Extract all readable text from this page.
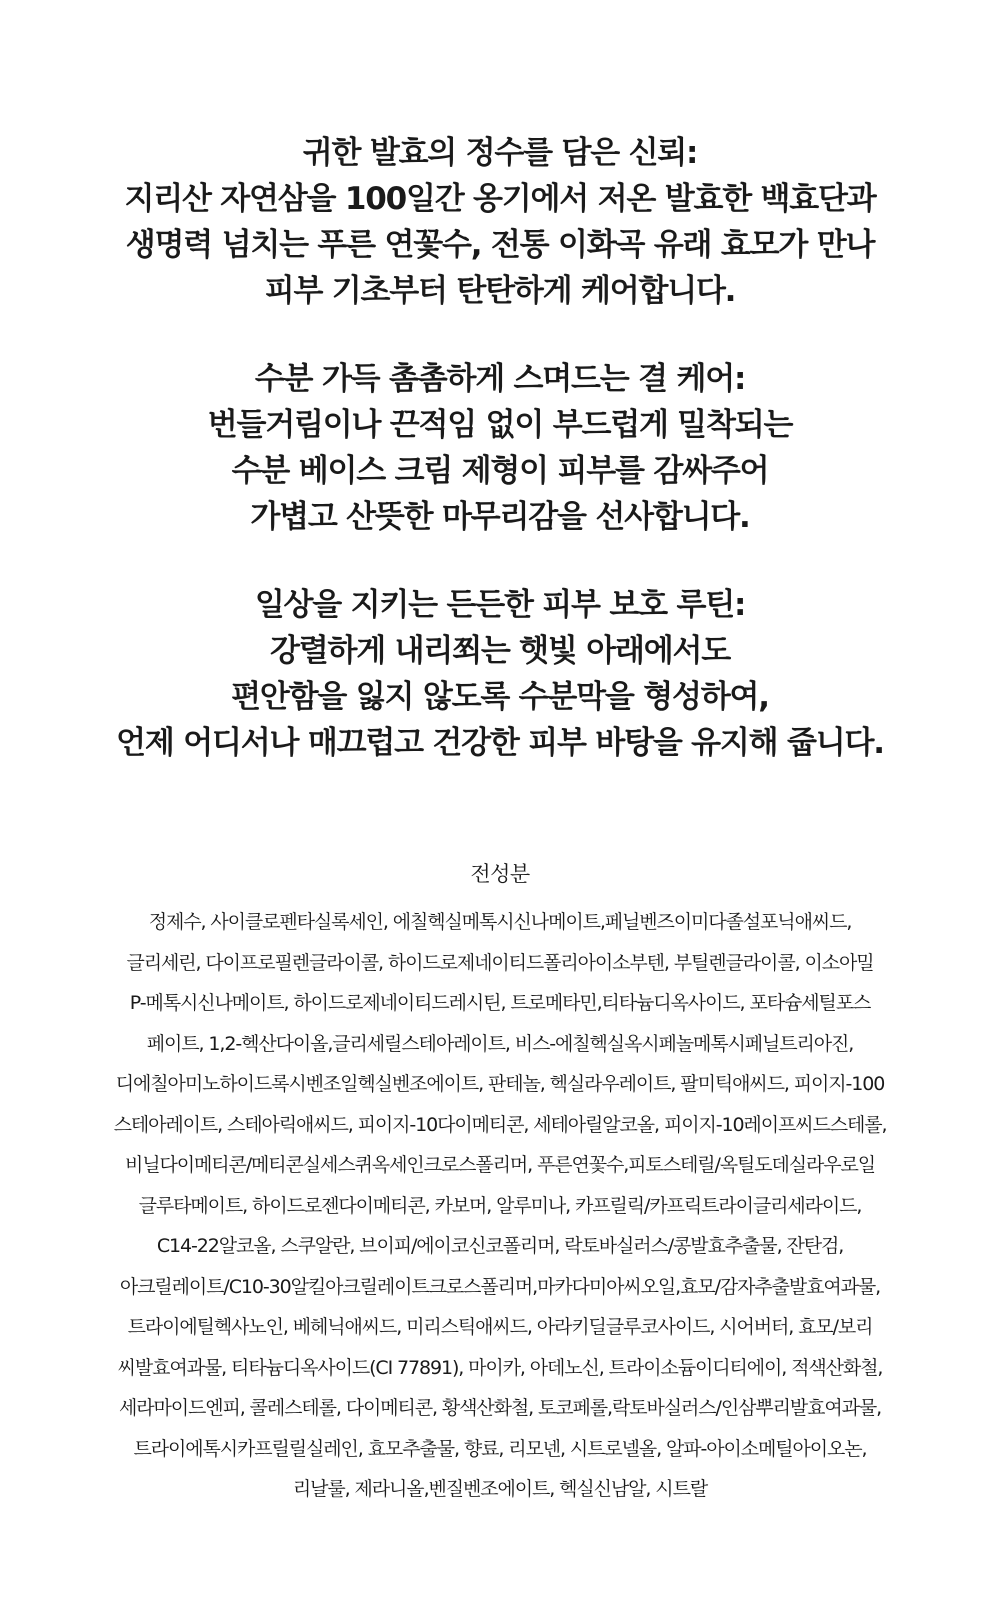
귀한 발효의 정수를 담은 신뢰:
지리산 자연삼을 100일간 옹기에서 저온 발효한 백효단과
생명력 넘치는 푸른 연꽃수, 전통 이화곡 유래 효모가 만나
피부 기초부터 탄탄하게 케어합니다.
수분 가득 촘촘하게 스며드는 결 케어:
번들거림이나 끈적임 없이 부드럽게 밀착되는
수분 베이스 크림 제형이 피부를 감싸주어
가볍고 산뜻한 마무리감을 선사합니다.
일상을 지키는 든든한 피부 보호 루틴:
강렬하게 내리쬐는 햇빛 아래에서도
편안함을 잃지 않도록 수분막을 형성하여,
언제 어디서나 매끄럽고 건강한 피부 바탕을 유지해 줍니다.
전성분
정제수, 사이클로펜타실록세인, 에칠헥실메톡시신나메이트,페닐벤즈이미다졸설포닉애씨드,
글리세린, 다이프로필렌글라이콜, 하이드로제네이티드폴리아이소부텐, 부틸렌글라이콜, 이소아밀
P-메톡시신나메이트, 하이드로제네이티드레시틴, 트로메타민,티타늄디옥사이드, 포타슘세틸포스
페이트, 1,2-헥산다이올,글리세릴스테아레이트, 비스-에칠헥실옥시페놀메톡시페닐트리아진,
디에칠아미노하이드록시벤조일헥실벤조에이트, 판테놀, 헥실라우레이트, 팔미틱애씨드, 피이지-100
스테아레이트, 스테아릭애씨드, 피이지-10다이메티콘, 세테아릴알코올, 피이지-10레이프씨드스테롤,
비닐다이메티콘/메티콘실세스퀴옥세인크로스폴리머, 푸른연꽃수,피토스테릴/옥틸도데실라우로일
글루타메이트, 하이드로젠다이메티콘, 카보머, 알루미나, 카프릴릭/카프릭트라이글리세라이드,
C14-22알코올, 스쿠알란, 브이피/에이코신코폴리머, 락토바실러스/콩발효추출물, 잔탄검,
아크릴레이트/C10-30알킬아크릴레이트크로스폴리머,마카다미아씨오일,효모/감자추출발효여과물,
트라이에틸헥사노인, 베헤닉애씨드, 미리스틱애씨드, 아라키딜글루코사이드, 시어버터, 효모/보리
씨발효여과물, 티타늄디옥사이드(CI 77891), 마이카, 아데노신, 트라이소듐이디티에이, 적색산화철,
세라마이드엔피, 콜레스테롤, 다이메티콘, 황색산화철, 토코페롤,락토바실러스/인삼뿌리발효여과물,
트라이에톡시카프릴릴실레인, 효모추출물, 향료, 리모넨, 시트로넬올, 알파-아이소메틸아이오논,
리날룰, 제라니올,벤질벤조에이트, 헥실신남알, 시트랄
